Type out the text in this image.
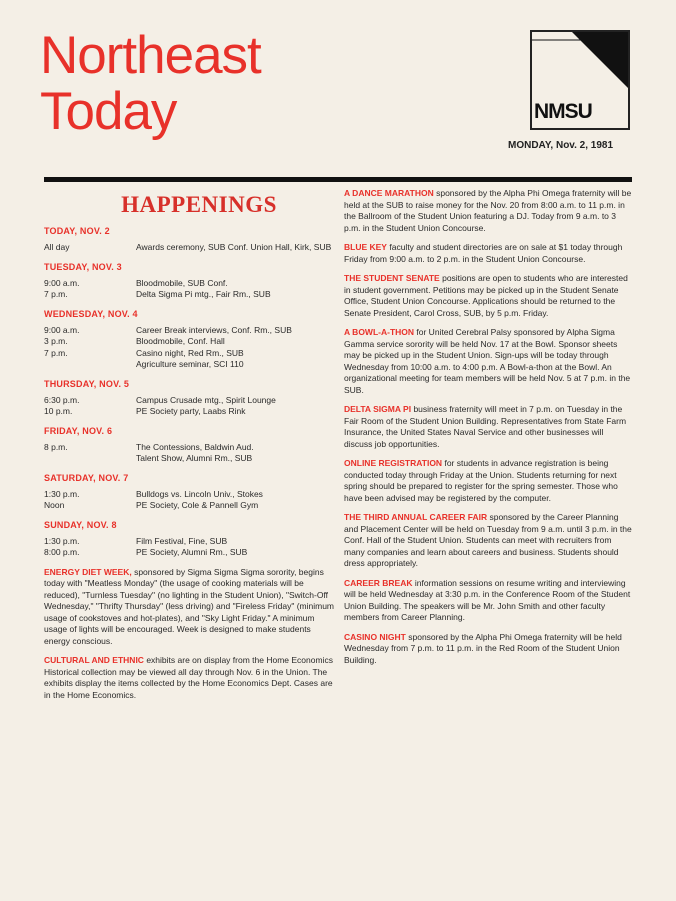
Northeast
Today	NMSU
MONDAY, Nov. 2, 1981
HAPPENINGS
TODAY, NOV. 2
All day	Awards ceremony, SUB Conf. Union Hall, Kirk, SUB
TUESDAY, NOV. 3
9:00 a.m.	Bloodmobile, SUB Conf.
7 p.m.	Delta Sigma Pi mtg., Fair Rm., SUB
WEDNESDAY, NOV. 4
9:00 a.m.	Career Break interviews, Conf. Rm., SUB
3 p.m.	Bloodmobile, Conf. Hall
7 p.m.	Casino night, Red Rm., SUB
Agriculture seminar, SCI 110
THURSDAY, NOV. 5
6:30 p.m.	Campus Crusade mtg., Spirit Lounge
10 p.m.	PE Society party, Laabs Rink
FRIDAY, NOV. 6
8 p.m.	The Contessions, Baldwin Aud.
Talent Show, Alumni Rm., SUB
SATURDAY, NOV. 7
1:30 p.m.	Bulldogs vs. Lincoln Univ., Stokes
Noon	PE Society, Cole & Pannell Gym
SUNDAY, NOV. 8
1:30 p.m.	Film Festival, Fine, SUB
8:00 p.m.	PE Society, Alumni Rm., SUB
ENERGY DIET WEEK, sponsored by Sigma Sigma Sigma sorority, begins today with "Meatless Monday" (the usage of cooking materials will be reduced), "Turnless Tuesday" (no lighting in the Student Union), "Switch-Off Wednesday," "Thrifty Thursday" (less driving) and "Fireless Friday" (minimum usage of cookstoves and hot-plates), and "Sky Light Friday." A minimum usage of lights will be encouraged. Week is designed to make students energy conscious.
CULTURAL AND ETHNIC exhibits are on display from the Home Economics Historical collection may be viewed all day through Nov. 6 in the Union. The exhibits display the items collected by the Home Economics Dept. Cases are in the Home Economics.
A DANCE MARATHON sponsored by the Alpha Phi Omega fraternity will be held at the SUB to raise money for the Nov. 20 from 8:00 a.m. to 11 p.m. in the Ballroom of the Student Union featuring a DJ. Today from 9 a.m. to 3 p.m. in the Student Union Concourse.
BLUE KEY faculty and student directories are on sale at $1 today through Friday from 9:00 a.m. to 2 p.m. in the Student Union Concourse.
THE STUDENT SENATE positions are open to students who are interested in student government. Petitions may be picked up in the Student Senate Office, Student Union Concourse. Applications should be returned to the Senate President, Carol Cross, SUB, by 5 p.m. Friday.
A BOWL-A-THON for United Cerebral Palsy sponsored by Alpha Sigma Gamma service sorority will be held Nov. 17 at the Bowl. Sponsor sheets may be picked up in the Student Union. Sign-ups will be today through Wednesday from 10:00 a.m. to 4:00 p.m. A Bowl-a-thon at the Bowl. An organizational meeting for team members will be held Nov. 5 at 7 p.m. in the SUB.
DELTA SIGMA PI business fraternity will meet in 7 p.m. on Tuesday in the Fair Room of the Student Union Building. Representatives from State Farm Insurance, the United States Naval Service and other businesses will discuss job opportunities.
ONLINE REGISTRATION for students in advance registration is being conducted today through Friday at the Union. Students returning for next spring should be prepared to register for the spring semester. Those who have been advised may be registered by the computer.
THE THIRD ANNUAL CAREER FAIR sponsored by the Career Planning and Placement Center will be held on Tuesday from 9 a.m. until 3 p.m. in the Conf. Hall of the Student Union. Students can meet with recruiters from many companies and learn about careers and business. Students should dress appropriately.
CAREER BREAK information sessions on resume writing and interviewing will be held Wednesday at 3:30 p.m. in the Conference Room of the Student Union Building. The speakers will be Mr. John Smith and other faculty members from Career Planning.
CASINO NIGHT sponsored by the Alpha Phi Omega fraternity will be held Wednesday from 7 p.m. to 11 p.m. in the Red Room of the Student Union Building.
